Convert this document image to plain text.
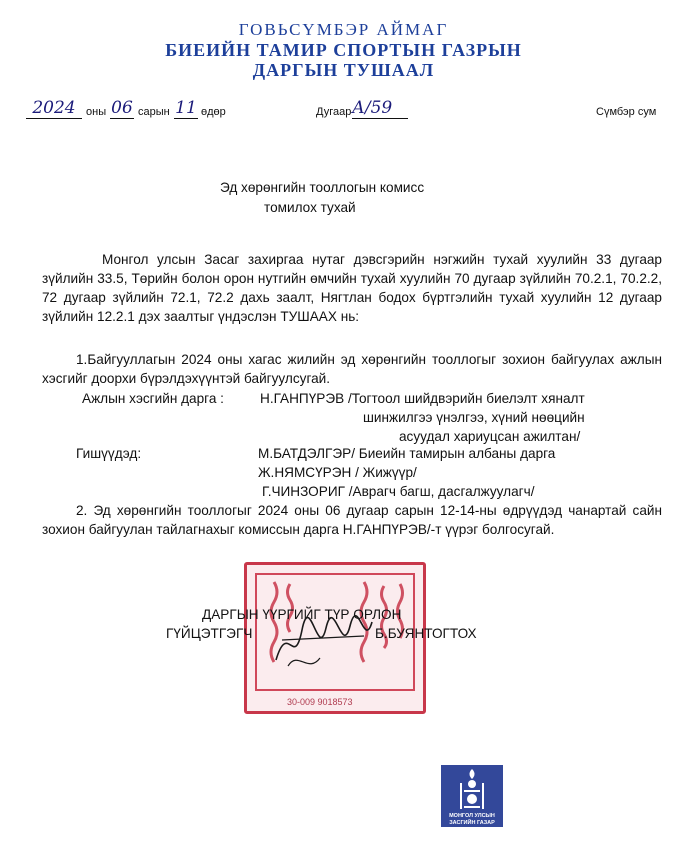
ГОВЬСҮМБЭР АЙМАГ
БИЕИЙН ТАМИР СПОРТЫН ГАЗРЫН
ДАРГЫН ТУШААЛ
2024 оны 06 сарын 11 өдөр	Дугаар А/59	Сүмбэр сум
Эд хөрөнгийн тооллогын комисс
томилох тухай
Монгол улсын Засаг захиргаа нутаг дэвсгэрийн нэгжийн тухай хуулийн 33 дугаар зүйлийн 33.5, Төрийн болон орон нутгийн өмчийн тухай хуулийн 70 дугаар зүйлийн 70.2.1, 70.2.2, 72 дугаар зүйлийн 72.1, 72.2 дахь заалт, Нягтлан бодох бүртгэлийн тухай хуулийн 12 дугаар зүйлийн 12.2.1 дэх заалтыг үндэслэн ТУШААХ нь:
1.Байгууллагын 2024 оны хагас жилийн эд хөрөнгийн тооллогыг зохион байгуулах ажлын хэсгийг доорхи бүрэлдэхүүнтэй байгуулсугай.
Ажлын хэсгийн дарга :	Н.ГАНПҮРЭВ /Тогтоол шийдвэрийн биелэлт хяналт
шинжилгээ үнэлгээ, хүний нөөцийн
асуудал хариуцсан ажилтан/
Гишүүдэд:	М.БАТДЭЛГЭР/ Биеийн тамирын албаны дарга
Ж.НЯМСҮРЭН / Жижүүр/
Г.ЧИНЗОРИГ /Аврагч багш, дасгалжуулагч/
2. Эд хөрөнгийн тооллогыг 2024 оны 06 дугаар сарын 12-14-ны өдрүүдэд чанартай сайн зохион байгуулан тайлагнахыг комиссын дарга Н.ГАНПҮРЭВ/-т үүрэг болгосугай.
30-009 9018573
ДАРГЫН ҮҮРГИЙГ ТҮР ОРЛОН
ГҮЙЦЭТГЭГЧ	Б.БУЯНТОГТОХ
МОНГОЛ УЛСЫН
ЗАСГИЙН ГАЗАР
